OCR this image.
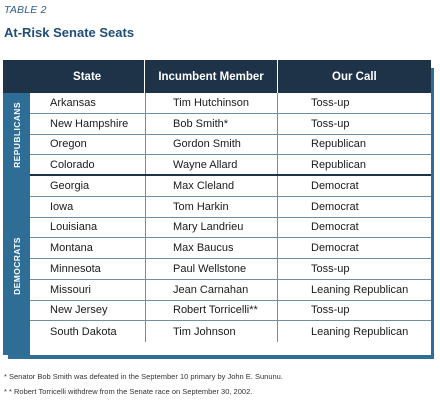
TABLE 2
At-Risk Senate Seats
State	Incumbent Member	Our Call
REPUBLICANS
DEMOCRATS
Arkansas	Tim Hutchinson	Toss-up
New Hampshire	Bob Smith*	Toss-up
Oregon	Gordon Smith	Republican
Colorado	Wayne Allard	Republican
Georgia	Max Cleland	Democrat
Iowa	Tom Harkin	Democrat
Louisiana	Mary Landrieu	Democrat
Montana	Max Baucus	Democrat
Minnesota	Paul Wellstone	Toss-up
Missouri	Jean Carnahan	Leaning Republican
New Jersey	Robert Torricelli**	Toss-up
South Dakota	Tim Johnson	Leaning Republican
* Senator Bob Smith was defeated in the September 10 primary by John E. Sununu.
* * Robert Torricelli withdrew from the Senate race on September 30, 2002.
